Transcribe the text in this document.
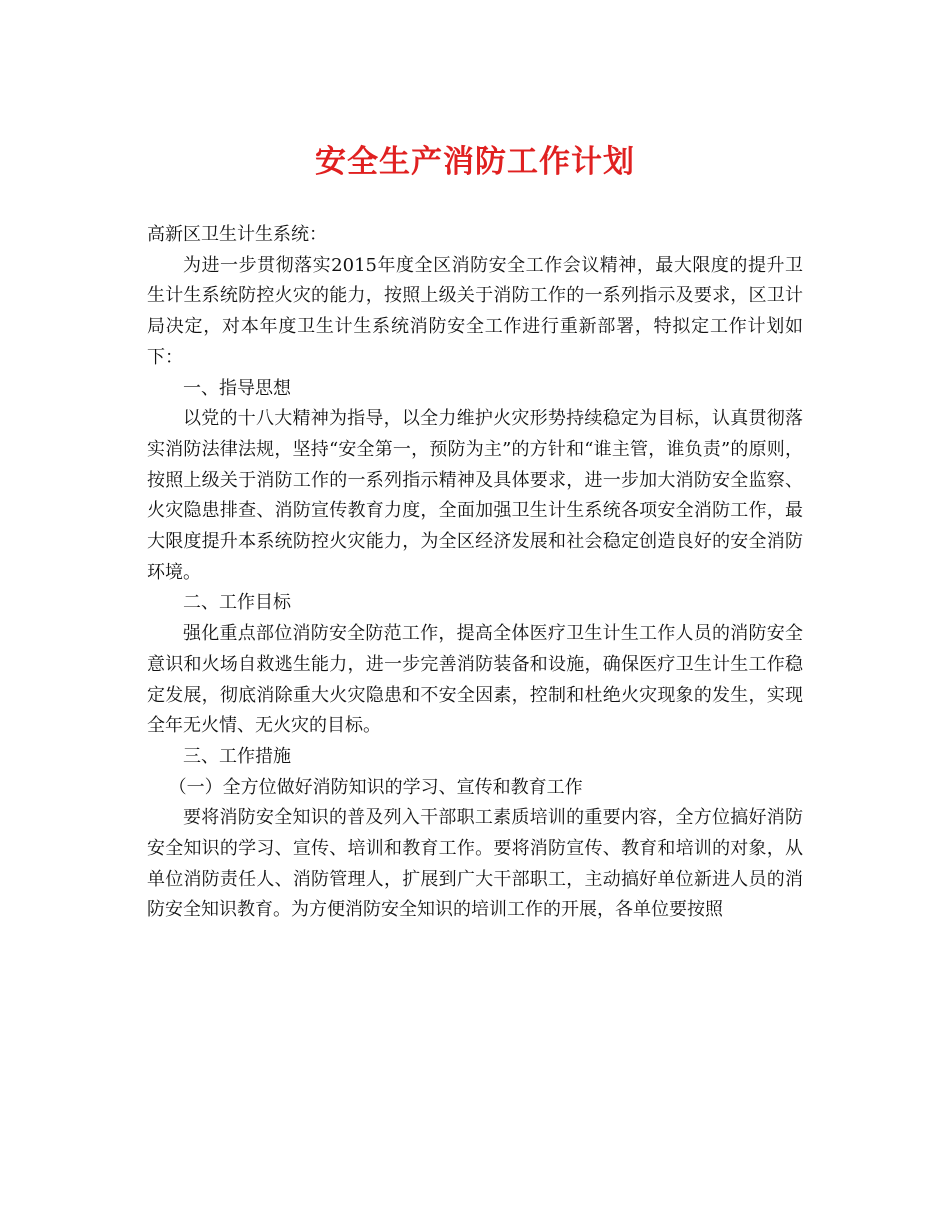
安全生产消防工作计划

高新区卫生计生系统：

为进一步贯彻落实2015年度全区消防安全工作会议精神，最大限度的提升卫生计生系统防控火灾的能力，按照上级关于消防工作的一系列指示及要求，区卫计局决定，对本年度卫生计生系统消防安全工作进行重新部署，特拟定工作计划如下：

一、指导思想

以党的十八大精神为指导，以全力维护火灾形势持续稳定为目标，认真贯彻落实消防法律法规，坚持“安全第一，预防为主”的方针和“谁主管，谁负责”的原则，按照上级关于消防工作的一系列指示精神及具体要求，进一步加大消防安全监察、火灾隐患排查、消防宣传教育力度，全面加强卫生计生系统各项安全消防工作，最大限度提升本系统防控火灾能力，为全区经济发展和社会稳定创造良好的安全消防环境。

二、工作目标

强化重点部位消防安全防范工作，提高全体医疗卫生计生工作人员的消防安全意识和火场自救逃生能力，进一步完善消防装备和设施，确保医疗卫生计生工作稳定发展，彻底消除重大火灾隐患和不安全因素，控制和杜绝火灾现象的发生，实现全年无火情、无火灾的目标。

三、工作措施

（一）全方位做好消防知识的学习、宣传和教育工作

要将消防安全知识的普及列入干部职工素质培训的重要内容，全方位搞好消防安全知识的学习、宣传、培训和教育工作。要将消防宣传、教育和培训的对象，从单位消防责任人、消防管理人，扩展到广大干部职工，主动搞好单位新进人员的消防安全知识教育。为方便消防安全知识的培训工作的开展，各单位要按照
